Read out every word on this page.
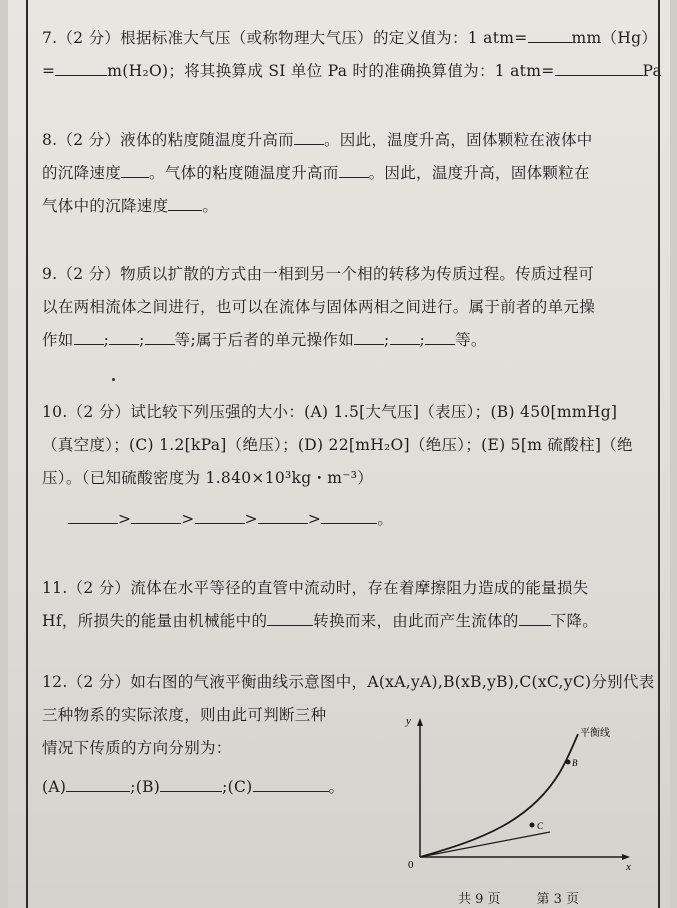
7.（2 分）根据标准大气压（或称物理大气压）的定义值为：1 atm=	mm（Hg）

=	m(H₂O)；将其换算成 SI 单位 Pa 时的准确换算值为：1 atm=	Pa

8.（2 分）液体的粘度随温度升高而 。因此，温度升高，固体颗粒在液体中

的沉降速度 。气体的粘度随温度升高而 。因此，温度升高，固体颗粒在

气体中的沉降速度 。

9.（2 分）物质以扩散的方式由一相到另一个相的转移为传质过程。传质过程可

以在两相流体之间进行，也可以在流体与固体两相之间进行。属于前者的单元操

作如 ; ; 等;属于后者的单元操作如 ; ; 等。

10.（2 分）试比较下列压强的大小：(A) 1.5[大气压]（表压）；(B) 450[mmHg]

（真空度）；(C) 1.2[kPa]（绝压）；(D) 22[mH₂O]（绝压）；(E) 5[m 硫酸柱]（绝

压）。（已知硫酸密度为 1.840×10³kg・m⁻³）

>	>	>	>	。

11.（2 分）流体在水平等径的直管中流动时，存在着摩擦阻力造成的能量损失

Hf，所损失的能量由机械能中的	转换而来，由此而产生流体的 下降。

12.（2 分）如右图的气液平衡曲线示意图中，A(xA,yA),B(xB,yB),C(xC,yC)分别代表

三种物系的实际浓度，则由此可判断三种

情况下传质的方向分别为：

(A)	;(B)	;(C)	。

y
x
0
平衡线
B
C
共 9 页	第 3 页
